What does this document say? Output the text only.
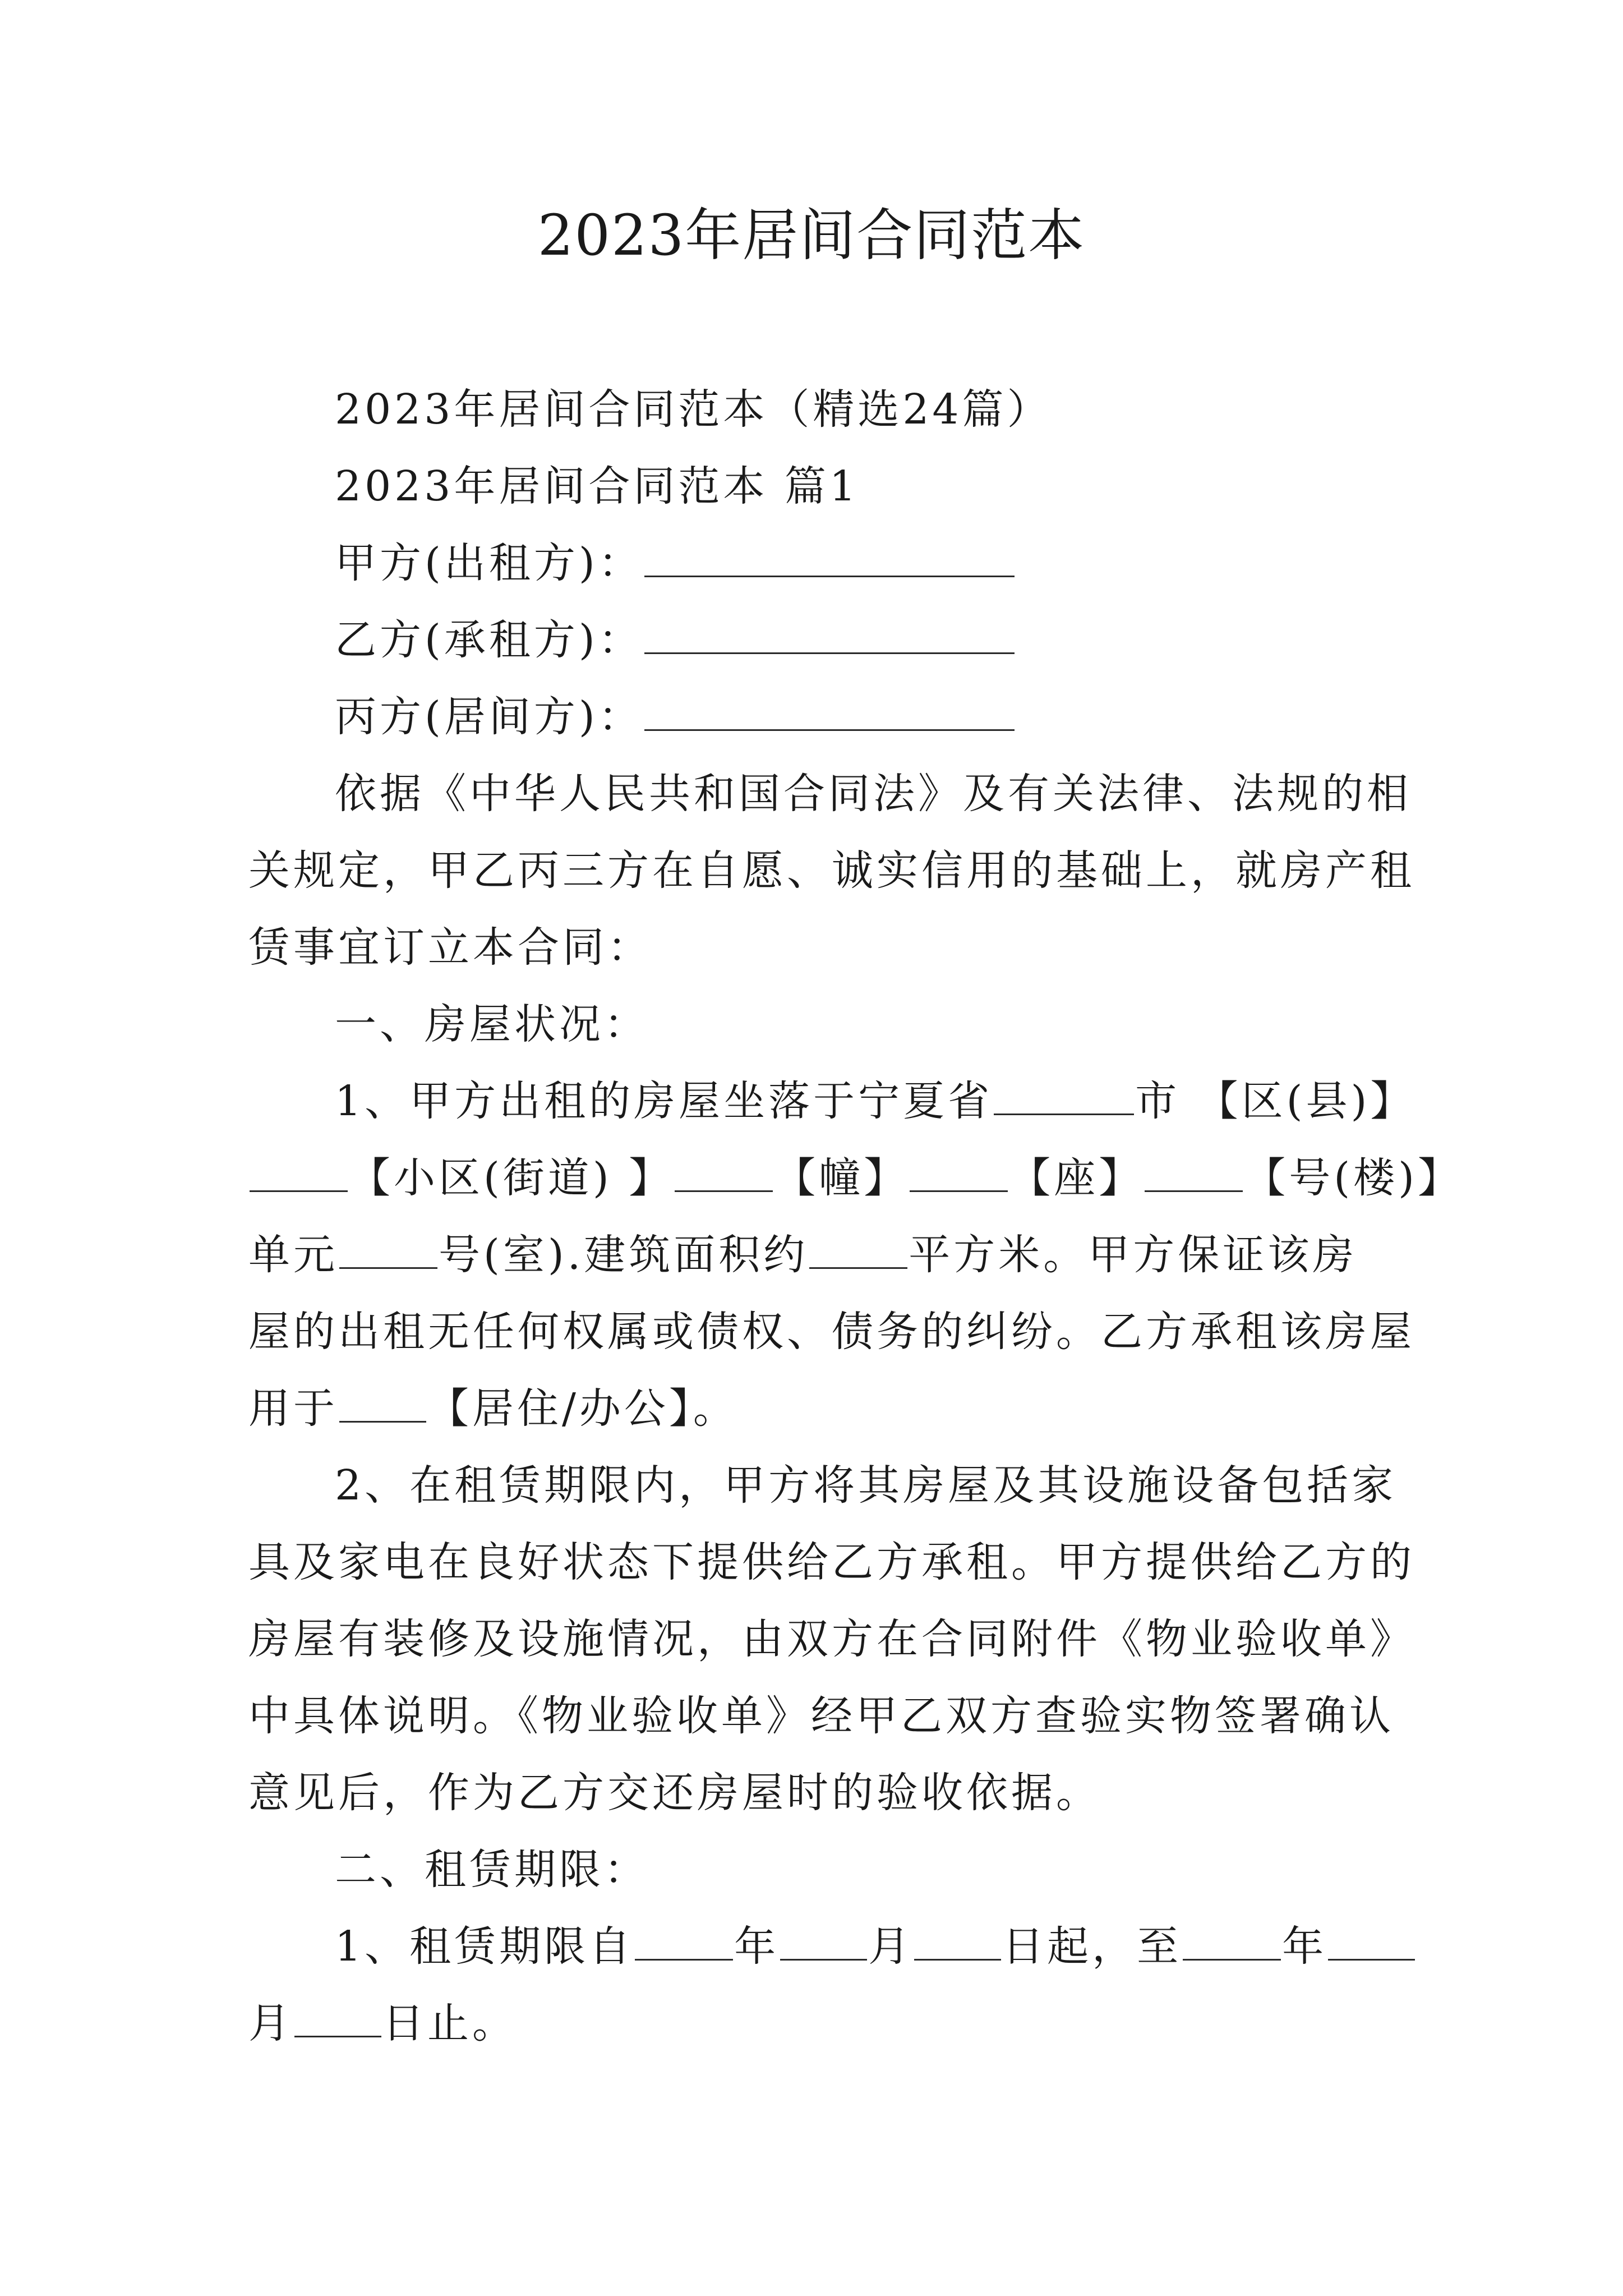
2023年居间合同范本
2023年居间合同范本（精选24篇）
2023年居间合同范本 篇1
甲方(出租方)：
乙方(承租方)：
丙方(居间方)：
依据《中华人民共和国合同法》及有关法律、法规的相
关规定，甲乙丙三方在自愿、诚实信用的基础上，就房产租
赁事宜订立本合同：
一、房屋状况：
1、甲方出租的房屋坐落于宁夏省	市 【区(县)】
【小区(街道) 】 【幢】 【座】 【号(楼)】
单元 号(室).建筑面积约 平方米。甲方保证该房
屋的出租无任何权属或债权、债务的纠纷。乙方承租该房屋
用于 【居住/办公】。
2、在租赁期限内，甲方将其房屋及其设施设备包括家
具及家电在良好状态下提供给乙方承租。甲方提供给乙方的
房屋有装修及设施情况，由双方在合同附件《物业验收单》
中具体说明。《物业验收单》经甲乙双方查验实物签署确认
意见后，作为乙方交还房屋时的验收依据。
二、租赁期限：
1、租赁期限自 年 月 日起，至 年
月 日止。
